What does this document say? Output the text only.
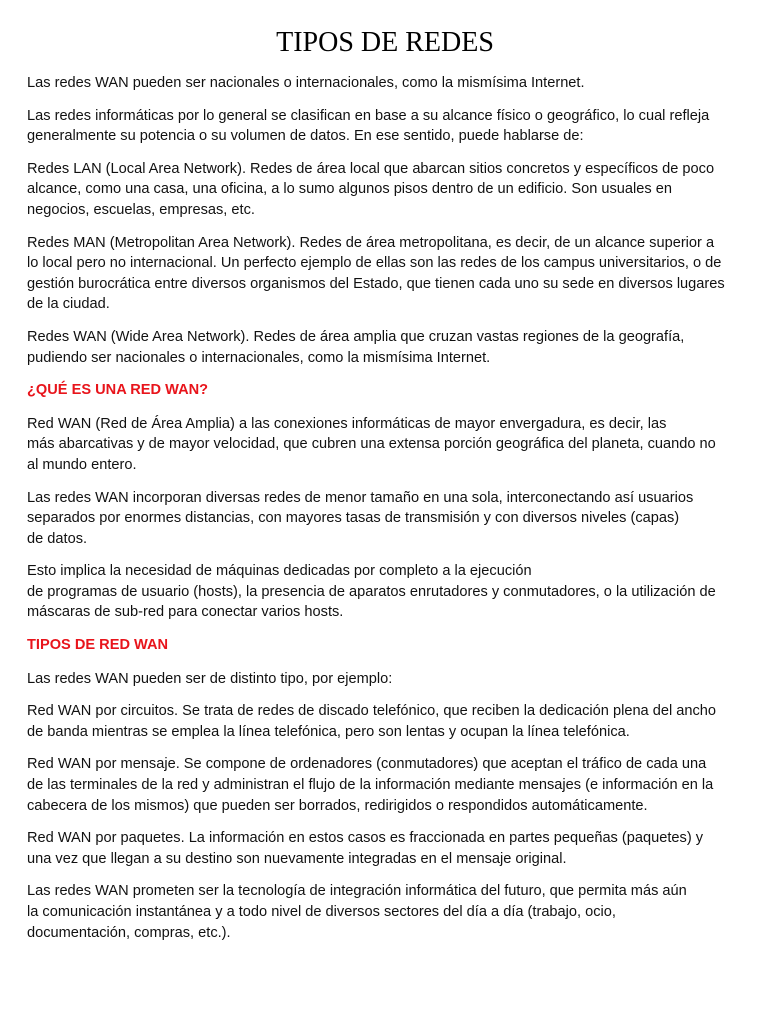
TIPOS DE REDES

Las redes WAN pueden ser nacionales o internacionales, como la mismísima Internet.

Las redes informáticas por lo general se clasifican en base a su alcance físico o geográfico, lo cual refleja
generalmente su potencia o su volumen de datos. En ese sentido, puede hablarse de:

Redes LAN (Local Area Network). Redes de área local que abarcan sitios concretos y específicos de poco
alcance, como una casa, una oficina, a lo sumo algunos pisos dentro de un edificio. Son usuales en
negocios, escuelas, empresas, etc.

Redes MAN (Metropolitan Area Network). Redes de área metropolitana, es decir, de un alcance superior a
lo local pero no internacional. Un perfecto ejemplo de ellas son las redes de los campus universitarios, o de
gestión burocrática entre diversos organismos del Estado, que tienen cada uno su sede en diversos lugares
de la ciudad.

Redes WAN (Wide Area Network). Redes de área amplia que cruzan vastas regiones de la geografía,
pudiendo ser nacionales o internacionales, como la mismísima Internet.

¿QUÉ ES UNA RED WAN?

Red WAN (Red de Área Amplia) a las conexiones informáticas de mayor envergadura, es decir, las
más abarcativas y de mayor velocidad, que cubren una extensa porción geográfica del planeta, cuando no
al mundo entero.

Las redes WAN incorporan diversas redes de menor tamaño en una sola, interconectando así usuarios
separados por enormes distancias, con mayores tasas de transmisión y con diversos niveles (capas)
de datos.

Esto implica la necesidad de máquinas dedicadas por completo a la ejecución
de programas de usuario (hosts), la presencia de aparatos enrutadores y conmutadores, o la utilización de
máscaras de sub-red para conectar varios hosts.

TIPOS DE RED WAN

Las redes WAN pueden ser de distinto tipo, por ejemplo:

Red WAN por circuitos. Se trata de redes de discado telefónico, que reciben la dedicación plena del ancho
de banda mientras se emplea la línea telefónica, pero son lentas y ocupan la línea telefónica.

Red WAN por mensaje. Se compone de ordenadores (conmutadores) que aceptan el tráfico de cada una
de las terminales de la red y administran el flujo de la información mediante mensajes (e información en la
cabecera de los mismos) que pueden ser borrados, redirigidos o respondidos automáticamente.

Red WAN por paquetes. La información en estos casos es fraccionada en partes pequeñas (paquetes) y
una vez que llegan a su destino son nuevamente integradas en el mensaje original.

Las redes WAN prometen ser la tecnología de integración informática del futuro, que permita más aún
la comunicación instantánea y a todo nivel de diversos sectores del día a día (trabajo, ocio,
documentación, compras, etc.).
